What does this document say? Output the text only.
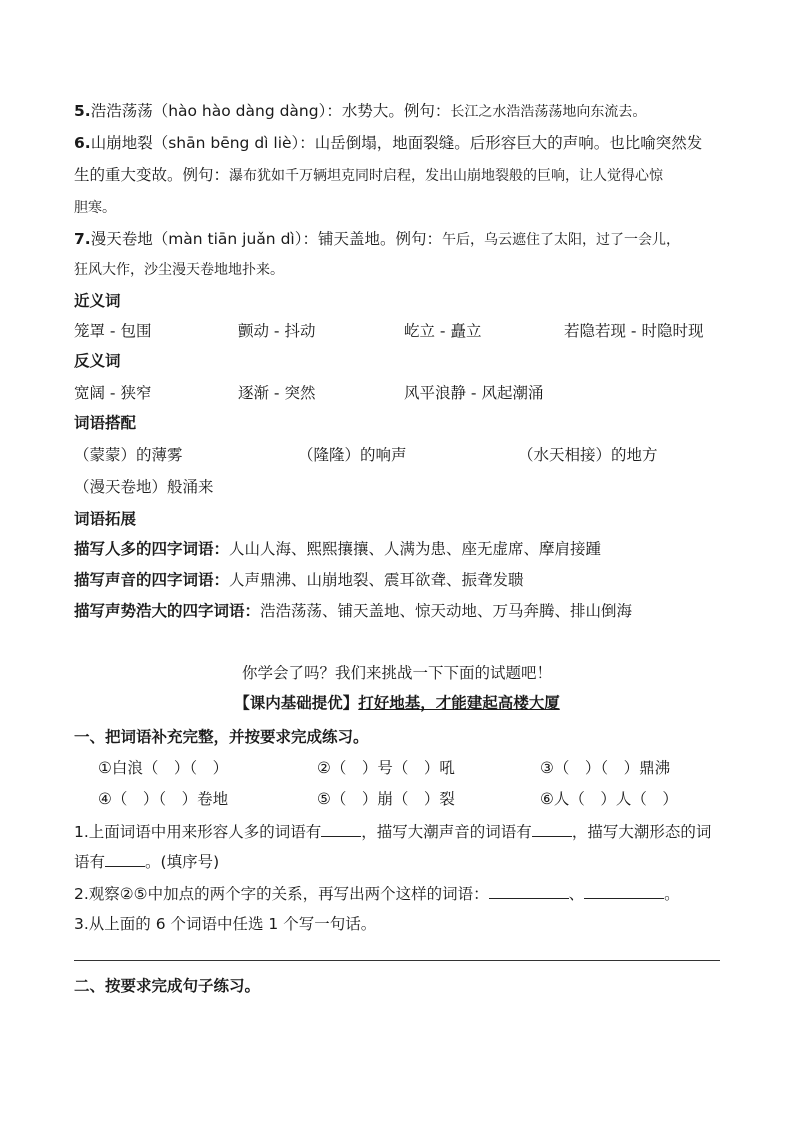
5.浩浩荡荡（hào hào dàng dàng）：水势大。例句：长江之水浩浩荡荡地向东流去。
6.山崩地裂（shān bēng dì liè）：山岳倒塌，地面裂缝。后形容巨大的声响。也比喻突然发
生的重大变故。例句：瀑布犹如千万辆坦克同时启程，发出山崩地裂般的巨响，让人觉得心惊
胆寒。
7.漫天卷地（màn tiān juǎn dì）：铺天盖地。例句：午后，乌云遮住了太阳，过了一会儿，
狂风大作，沙尘漫天卷地地扑来。
近义词
笼罩 - 包围	颤动 - 抖动	屹立 - 矗立	若隐若现 - 时隐时现
反义词
宽阔 - 狭窄	逐渐 - 突然	风平浪静 - 风起潮涌
词语搭配
（蒙蒙）的薄雾	（隆隆）的响声	（水天相接）的地方
（漫天卷地）般涌来
词语拓展
描写人多的四字词语：人山人海、熙熙攘攘、人满为患、座无虚席、摩肩接踵
描写声音的四字词语：人声鼎沸、山崩地裂、震耳欲聋、振聋发聩
描写声势浩大的四字词语：浩浩荡荡、铺天盖地、惊天动地、万马奔腾、排山倒海
你学会了吗？我们来挑战一下下面的试题吧！
【课内基础提优】打好地基，才能建起高楼大厦
一、把词语补充完整，并按要求完成练习。
①白浪（　）（　）	②（　）号（　）吼	③（　）（　）鼎沸
④（　）（　）卷地	⑤（　）崩（　）裂	⑥人（　）人（　）
1.上面词语中用来形容人多的词语有	，描写大潮声音的词语有	，描写大潮形态的词
语有	。(填序号)
2.观察②⑤中加点的两个字的关系，再写出两个这样的词语：	、	。
3.从上面的 6 个词语中任选 1 个写一句话。
二、按要求完成句子练习。
